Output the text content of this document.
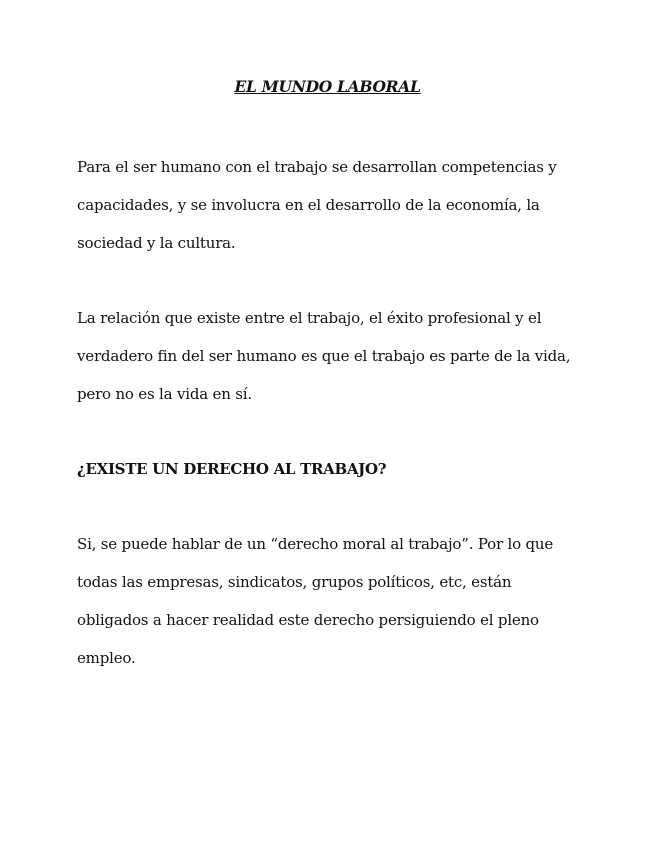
EL MUNDO LABORAL

Para el ser humano con el trabajo se desarrollan competencias y
capacidades, y se involucra en el desarrollo de la economía, la
sociedad y la cultura.

La relación que existe entre el trabajo, el éxito profesional y el
verdadero fin del ser humano es que el trabajo es parte de la vida,
pero no es la vida en sí.

¿EXISTE UN DERECHO AL TRABAJO?

Si, se puede hablar de un “derecho moral al trabajo”. Por lo que
todas las empresas, sindicatos, grupos políticos, etc, están
obligados a hacer realidad este derecho persiguiendo el pleno
empleo.
